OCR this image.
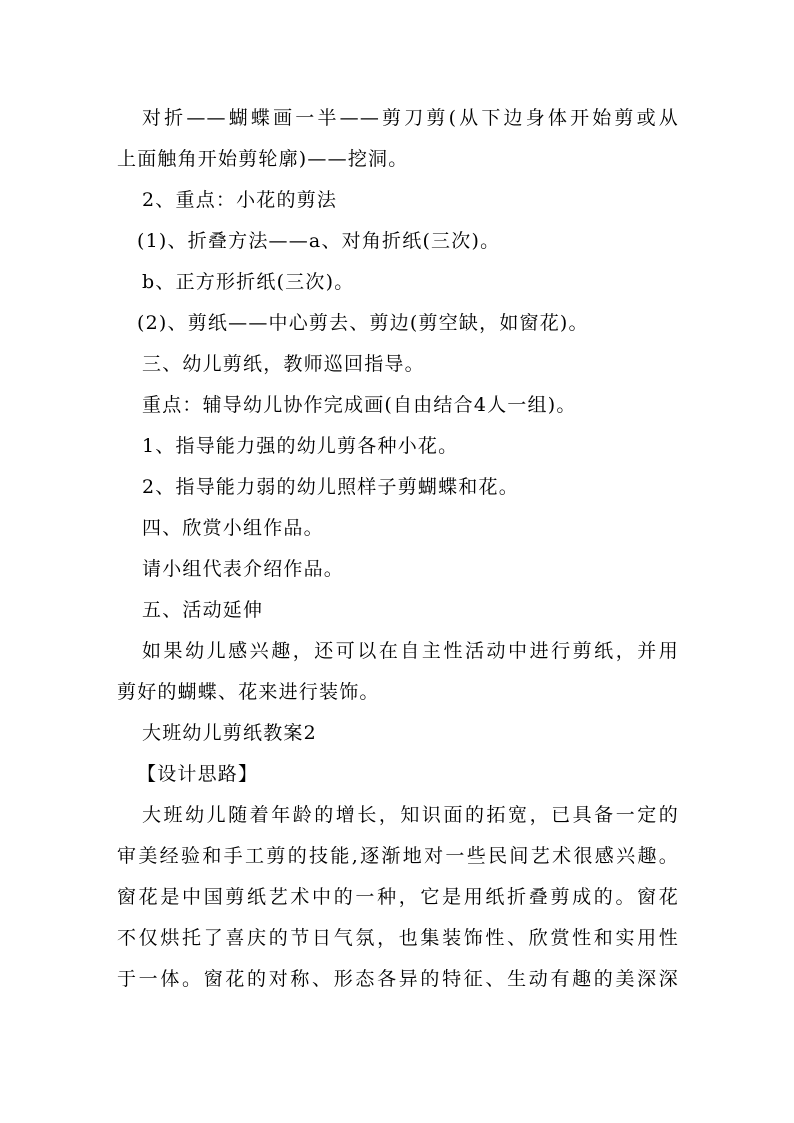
对折——蝴蝶画一半——剪刀剪(从下边身体开始剪或从

上面触角开始剪轮廓)——挖洞。

2、重点：小花的剪法

(1)、折叠方法——a、对角折纸(三次)。

b、正方形折纸(三次)。

(2)、剪纸——中心剪去、剪边(剪空缺，如窗花)。

三、幼儿剪纸，教师巡回指导。

重点：辅导幼儿协作完成画(自由结合4人一组)。

1、指导能力强的幼儿剪各种小花。

2、指导能力弱的幼儿照样子剪蝴蝶和花。

四、欣赏小组作品。

请小组代表介绍作品。

五、活动延伸

如果幼儿感兴趣，还可以在自主性活动中进行剪纸，并用

剪好的蝴蝶、花来进行装饰。

大班幼儿剪纸教案2

【设计思路】

大班幼儿随着年龄的增长，知识面的拓宽，已具备一定的

审美经验和手工剪的技能,逐渐地对一些民间艺术很感兴趣。

窗花是中国剪纸艺术中的一种，它是用纸折叠剪成的。窗花

不仅烘托了喜庆的节日气氛，也集装饰性、欣赏性和实用性

于一体。窗花的对称、形态各异的特征、生动有趣的美深深
